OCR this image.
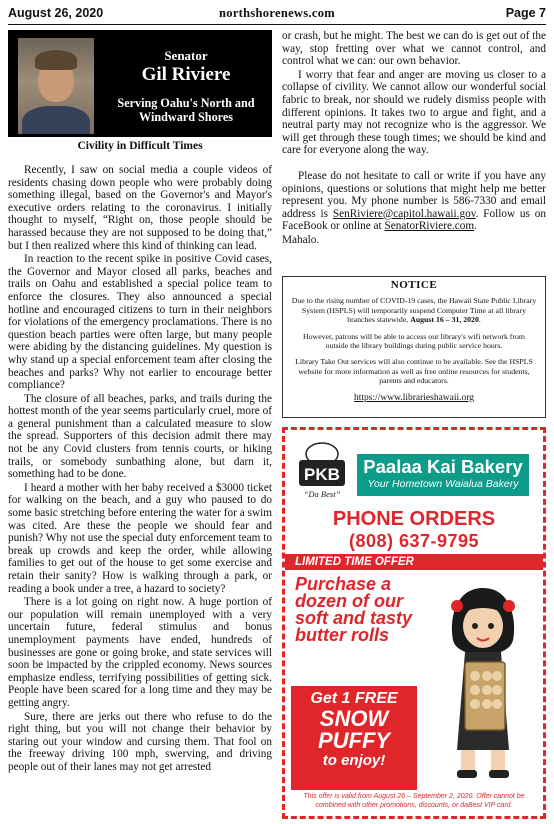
northshorenews.com
August 26, 2020	Page 7
Senator
Gil Riviere
Serving Oahu's North and Windward Shores
Civility in Difficult Times

Recently, I saw on social media a couple videos of residents chasing down people who were probably doing something illegal, based on the Governor's and Mayor's executive orders relating to the coronavirus. I initially thought to myself, “Right on, those people should be harassed because they are not supposed to be doing that,” but I then realized where this kind of thinking can lead.

In reaction to the recent spike in positive Covid cases, the Governor and Mayor closed all parks, beaches and trails on Oahu and established a special police team to enforce the closures. They also announced a special hotline and encouraged citizens to turn in their neighbors for violations of the emergency proclamations. There is no question beach parties were often large, but many people were abiding by the distancing guidelines. My question is why stand up a special enforcement team after closing the beaches and parks? Why not earlier to encourage better compliance?

The closure of all beaches, parks, and trails during the hottest month of the year seems particularly cruel, more of a general punishment than a calculated measure to slow the spread. Supporters of this decision admit there may not be any Covid clusters from tennis courts, or hiking trails, or somebody sunbathing alone, but darn it, something had to be done.

I heard a mother with her baby received a $3000 ticket for walking on the beach, and a guy who paused to do some basic stretching before entering the water for a swim was cited. Are these the people we should fear and punish? Why not use the special duty enforcement team to break up crowds and keep the order, while allowing families to get out of the house to get some exercise and retain their sanity? How is walking through a park, or reading a book under a tree, a hazard to society?

There is a lot going on right now. A huge portion of our population will remain unemployed with a very uncertain future, federal stimulus and bonus unemployment payments have ended, hundreds of businesses are gone or going broke, and state services will soon be impacted by the crippled economy. News sources emphasize endless, terrifying possibilities of getting sick. People have been scared for a long time and they may be getting angry.

Sure, there are jerks out there who refuse to do the right thing, but you will not change their behavior by staring out your window and cursing them. That fool on the freeway driving 100 mph, swerving, and driving people out of their lanes may not get arrested

or crash, but he might. The best we can do is get out of the way, stop fretting over what we cannot control, and control what we can: our own behavior.

I worry that fear and anger are moving us closer to a collapse of civility. We cannot allow our wonderful social fabric to break, nor should we rudely dismiss people with different opinions. It takes two to argue and fight, and a neutral party may not recognize who is the aggressor. We will get through these tough times; we should be kind and care for everyone along the way.

Please do not hesitate to call or write if you have any opinions, questions or solutions that might help me better represent you. My phone number is 586-7330 and email address is SenRiviere@capitol.hawaii.gov. Follow us on FaceBook or online at SenatorRiviere.com.

Mahalo.

NOTICE

Due to the rising number of COVID-19 cases, the Hawaii State Public Library System (HSPLS) will temporarily suspend Computer Time at all library branches statewide, August 16 – 31, 2020.

However, patrons will be able to access our library's wifi network from outside the library buildings during public service hours.

Library Take Out services will also continue to be available. See the HSPLS website for more information as well as free online resources for students, parents and educators.

https://www.librarieshawaii.org
PKB
“Da Best”
Paalaa Kai Bakery
Your Hometown Waialua Bakery
PHONE ORDERS
(808) 637-9795
LIMITED TIME OFFER
Purchase a dozen of our soft and tasty butter rolls
Get 1 FREE
SNOW
PUFFY
to enjoy!
This offer is valid from August 26 – September 2, 2020. Offer cannot be combined with other promotions, discounts, or daBest VIP card.
